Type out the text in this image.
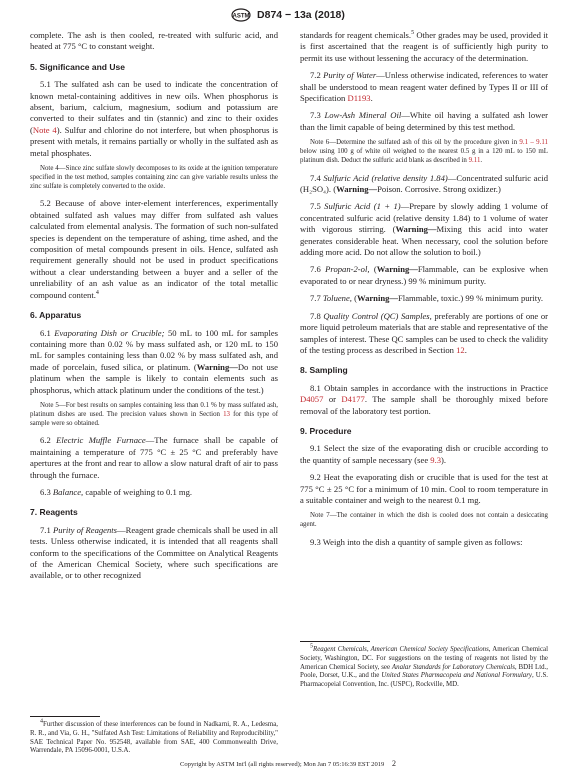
ASTM D874 − 13a (2018)

complete. The ash is then cooled, re-treated with sulfuric acid, and heated at 775 °C to constant weight.

5. Significance and Use

5.1 The sulfated ash can be used to indicate the concentration of known metal-containing additives in new oils. When phosphorus is absent, barium, calcium, magnesium, sodium and potassium are converted to their sulfates and tin (stannic) and zinc to their oxides (Note 4). Sulfur and chlorine do not interfere, but when phosphorus is present with metals, it remains partially or wholly in the sulfated ash as metal phosphates.

Note 4—Since zinc sulfate slowly decomposes to its oxide at the ignition temperature specified in the test method, samples containing zinc can give variable results unless the zinc sulfate is completely converted to the oxide.

5.2 Because of above inter-element interferences, experimentally obtained sulfated ash values may differ from sulfated ash values calculated from elemental analysis. The formation of such non-sulfated species is dependent on the temperature of ashing, time ashed, and the composition of metal compounds present in oils. Hence, sulfated ash requirement generally should not be used in product specifications without a clear understanding between a buyer and a seller of the unreliability of an ash value as an indicator of the total metallic compound content.$^4$

6. Apparatus

6.1 Evaporating Dish or Crucible; 50 mL to 100 mL for samples containing more than 0.02 % by mass sulfated ash, or 120 mL to 150 mL for samples containing less than 0.02 % by mass sulfated ash, and made of porcelain, fused silica, or platinum. (Warning—Do not use platinum when the sample is likely to contain elements such as phosphorus, which attack platinum under the conditions of the test.)

Note 5—For best results on samples containing less than 0.1 % by mass sulfated ash, platinum dishes are used. The precision values shown in Section 13 for this type of sample were so obtained.

6.2 Electric Muffle Furnace—The furnace shall be capable of maintaining a temperature of 775 °C ± 25 °C and preferably have apertures at the front and rear to allow a slow natural draft of air to pass through the furnace.

6.3 Balance, capable of weighing to 0.1 mg.

7. Reagents

7.1 Purity of Reagents—Reagent grade chemicals shall be used in all tests. Unless otherwise indicated, it is intended that all reagents shall conform to the specifications of the Committee on Analytical Reagents of the American Chemical Society, where such specifications are available, or to other recognized

$^4$Further discussion of these interferences can be found in Nadkarni, R. A., Ledesma, R. R., and Via, G. H., "Sulfated Ash Test: Limitations of Reliability and Reproducibility," SAE Technical Paper No. 952548, available from SAE, 400 Commonwealth Drive, Warrendale, PA 15096-0001, U.S.A.

standards for reagent chemicals.$^5$ Other grades may be used, provided it is first ascertained that the reagent is of sufficiently high purity to permit its use without lessening the accuracy of the determination.

7.2 Purity of Water—Unless otherwise indicated, references to water shall be understood to mean reagent water defined by Types II or III of Specification D1193.

7.3 Low-Ash Mineral Oil—White oil having a sulfated ash lower than the limit capable of being determined by this test method.

Note 6—Determine the sulfated ash of this oil by the procedure given in 9.1 – 9.11 below using 100 g of white oil weighed to the nearest 0.5 g in a 120 mL to 150 mL platinum dish. Deduct the sulfuric acid blank as described in 9.11.

7.4 Sulfuric Acid (relative density 1.84)—Concentrated sulfuric acid (H₂SO₄). (Warning—Poison. Corrosive. Strong oxidizer.)

7.5 Sulfuric Acid (1 + 1)—Prepare by slowly adding 1 volume of concentrated sulfuric acid (relative density 1.84) to 1 volume of water with vigorous stirring. (Warning—Mixing this acid into water generates considerable heat. When necessary, cool the solution before adding more acid. Do not allow the solution to boil.)

7.6 Propan-2-ol, (Warning—Flammable, can be explosive when evaporated to or near dryness.) 99 % minimum purity.

7.7 Toluene, (Warning—Flammable, toxic.) 99 % minimum purity.

7.8 Quality Control (QC) Samples, preferably are portions of one or more liquid petroleum materials that are stable and representative of the samples of interest. These QC samples can be used to check the validity of the testing process as described in Section 12.

8. Sampling

8.1 Obtain samples in accordance with the instructions in Practice D4057 or D4177. The sample shall be thoroughly mixed before removal of the laboratory test portion.

9. Procedure

9.1 Select the size of the evaporating dish or crucible according to the quantity of sample necessary (see 9.3).

9.2 Heat the evaporating dish or crucible that is used for the test at 775 °C ± 25 °C for a minimum of 10 min. Cool to room temperature in a suitable container and weigh to the nearest 0.1 mg.

Note 7—The container in which the dish is cooled does not contain a desiccating agent.

9.3 Weigh into the dish a quantity of sample given as follows:

$^5$Reagent Chemicals, American Chemical Society Specifications, American Chemical Society, Washington, DC. For suggestions on the testing of reagents not listed by the American Chemical Society, see Analar Standards for Laboratory Chemicals, BDH Ltd., Poole, Dorset, U.K., and the United States Pharmacopeia and National Formulary, U.S. Pharmacopeial Convention, Inc. (USPC), Rockville, MD.

Copyright by ASTM Int'l (all rights reserved); Mon Jan 7 05:16:39 EST 2019 2
